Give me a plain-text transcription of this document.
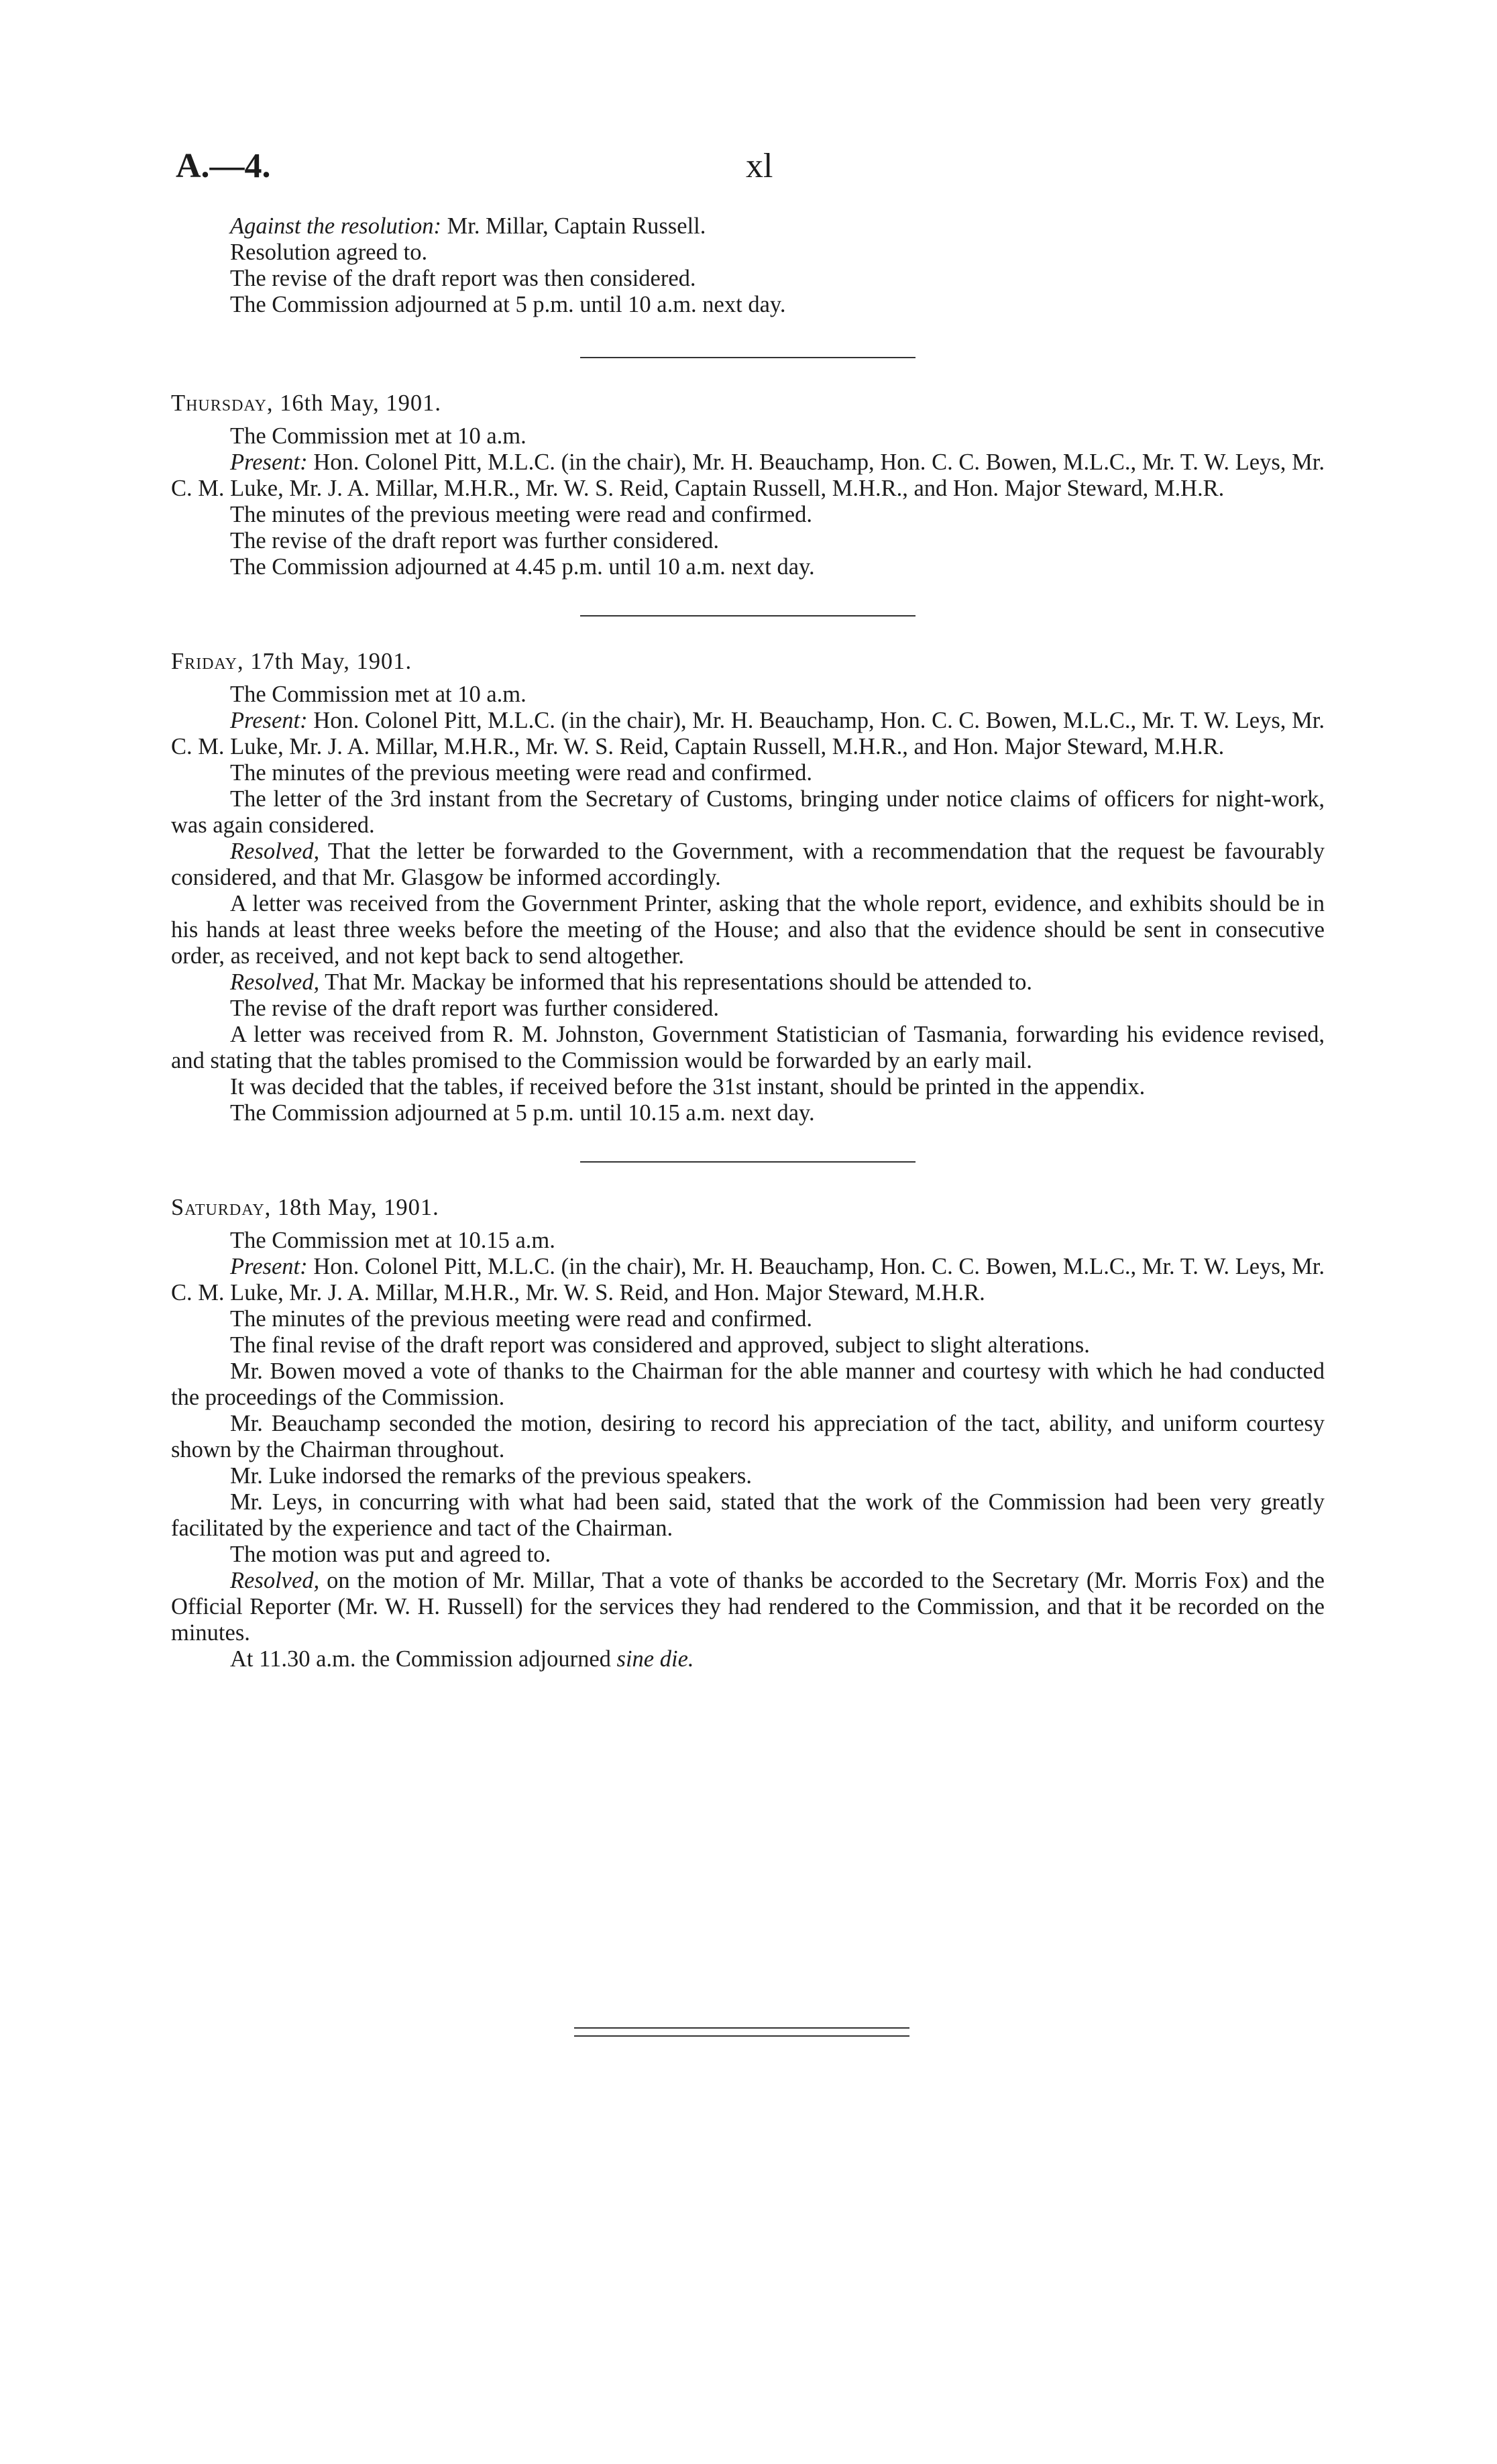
A.—4.	xl

Against the resolution: Mr. Millar, Captain Russell.

Resolution agreed to.

The revise of the draft report was then considered.

The Commission adjourned at 5 p.m. until 10 a.m. next day.

Thursday, 16th May, 1901.

The Commission met at 10 a.m.

Present: Hon. Colonel Pitt, M.L.C. (in the chair), Mr. H. Beauchamp, Hon. C. C. Bowen, M.L.C., Mr. T. W. Leys, Mr. C. M. Luke, Mr. J. A. Millar, M.H.R., Mr. W. S. Reid, Captain Russell, M.H.R., and Hon. Major Steward, M.H.R.

The minutes of the previous meeting were read and confirmed.

The revise of the draft report was further considered.

The Commission adjourned at 4.45 p.m. until 10 a.m. next day.

Friday, 17th May, 1901.

The Commission met at 10 a.m.

Present: Hon. Colonel Pitt, M.L.C. (in the chair), Mr. H. Beauchamp, Hon. C. C. Bowen, M.L.C., Mr. T. W. Leys, Mr. C. M. Luke, Mr. J. A. Millar, M.H.R., Mr. W. S. Reid, Captain Russell, M.H.R., and Hon. Major Steward, M.H.R.

The minutes of the previous meeting were read and confirmed.

The letter of the 3rd instant from the Secretary of Customs, bringing under notice claims of officers for night-work, was again considered.

Resolved, That the letter be forwarded to the Government, with a recommendation that the request be favourably considered, and that Mr. Glasgow be informed accordingly.

A letter was received from the Government Printer, asking that the whole report, evidence, and exhibits should be in his hands at least three weeks before the meeting of the House; and also that the evidence should be sent in consecutive order, as received, and not kept back to send altogether.

Resolved, That Mr. Mackay be informed that his representations should be attended to.

The revise of the draft report was further considered.

A letter was received from R. M. Johnston, Government Statistician of Tasmania, forwarding his evidence revised, and stating that the tables promised to the Commission would be forwarded by an early mail.

It was decided that the tables, if received before the 31st instant, should be printed in the appendix.

The Commission adjourned at 5 p.m. until 10.15 a.m. next day.

Saturday, 18th May, 1901.

The Commission met at 10.15 a.m.

Present: Hon. Colonel Pitt, M.L.C. (in the chair), Mr. H. Beauchamp, Hon. C. C. Bowen, M.L.C., Mr. T. W. Leys, Mr. C. M. Luke, Mr. J. A. Millar, M.H.R., Mr. W. S. Reid, and Hon. Major Steward, M.H.R.

The minutes of the previous meeting were read and confirmed.

The final revise of the draft report was considered and approved, subject to slight alterations.

Mr. Bowen moved a vote of thanks to the Chairman for the able manner and courtesy with which he had conducted the proceedings of the Commission.

Mr. Beauchamp seconded the motion, desiring to record his appreciation of the tact, ability, and uniform courtesy shown by the Chairman throughout.

Mr. Luke indorsed the remarks of the previous speakers.

Mr. Leys, in concurring with what had been said, stated that the work of the Commission had been very greatly facilitated by the experience and tact of the Chairman.

The motion was put and agreed to.

Resolved, on the motion of Mr. Millar, That a vote of thanks be accorded to the Secretary (Mr. Morris Fox) and the Official Reporter (Mr. W. H. Russell) for the services they had rendered to the Commission, and that it be recorded on the minutes.

At 11.30 a.m. the Commission adjourned sine die.
